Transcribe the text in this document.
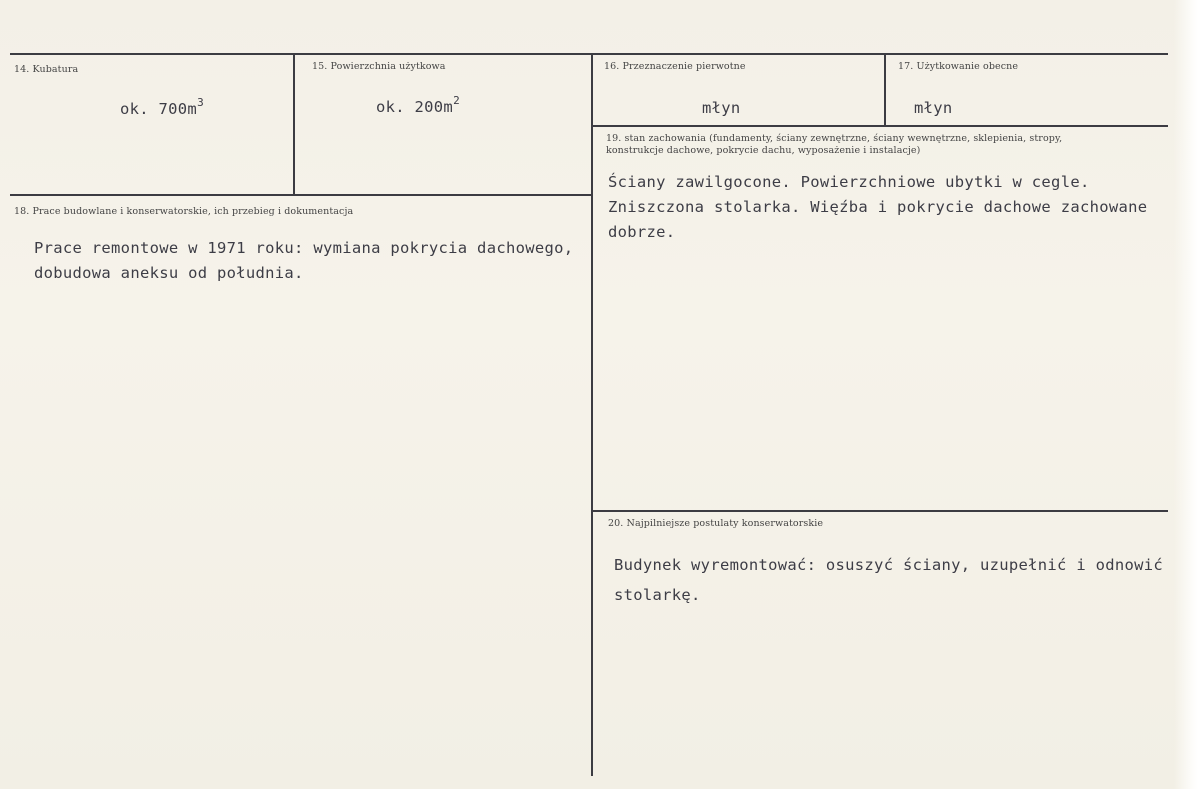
14. Kubatura
ok. $700m^3$
15. Powierzchnia użytkowa
ok. $200m^2$
16. Przeznaczenie pierwotne
młyn
17. Użytkowanie obecne
młyn
18. Prace budowlane i konserwatorskie, ich przebieg i dokumentacja
Prace remontowe w 1971 roku: wymiana pokrycia dachowego, dobudowa aneksu od południa.
19. stan zachowania (fundamenty, ściany zewnętrzne, ściany wewnętrzne, sklepienia, stropy,
konstrukcje dachowe, pokrycie dachu, wyposażenie i instalacje)
Ściany zawilgocone. Powierzchniowe ubytki w cegle. Zniszczona stolarka. Więźba i pokrycie dachowe zachowane dobrze.
20. Najpilniejsze postulaty konserwatorskie
Budynek wyremontować: osuszyć ściany, uzupełnić i odnowić stolarkę.
